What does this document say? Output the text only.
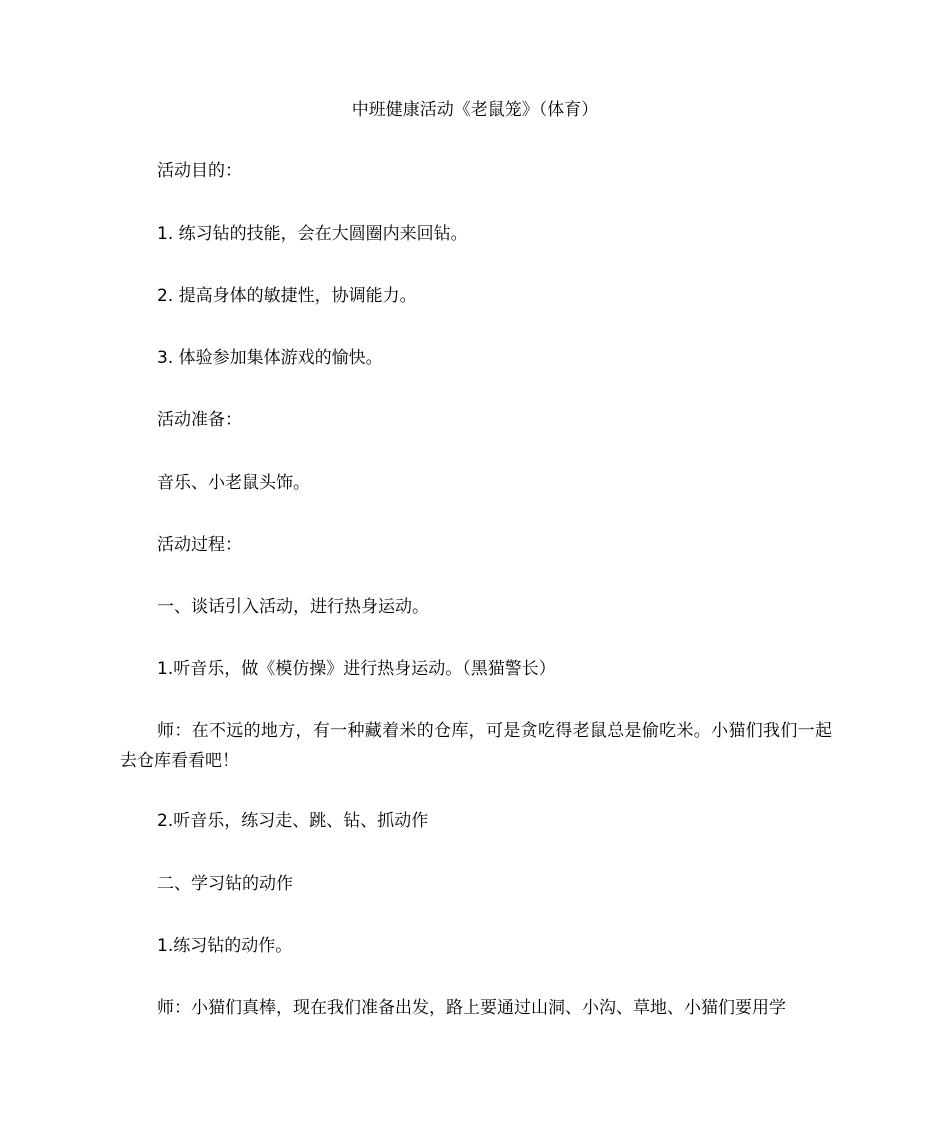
中班健康活动《老鼠笼》（体育）
活动目的：
1. 练习钻的技能，会在大圆圈内来回钻。
2. 提高身体的敏捷性，协调能力。
3. 体验参加集体游戏的愉快。
活动准备：
音乐、小老鼠头饰。
活动过程：
一、谈话引入活动，进行热身运动。
1.听音乐，做《模仿操》进行热身运动。（黑猫警长）
师：在不远的地方，有一种藏着米的仓库，可是贪吃得老鼠总是偷吃米。小猫们我们一起去仓库看看吧！
2.听音乐，练习走、跳、钻、抓动作
二、学习钻的动作
1.练习钻的动作。
师：小猫们真棒，现在我们准备出发，路上要通过山洞、小沟、草地、小猫们要用学
